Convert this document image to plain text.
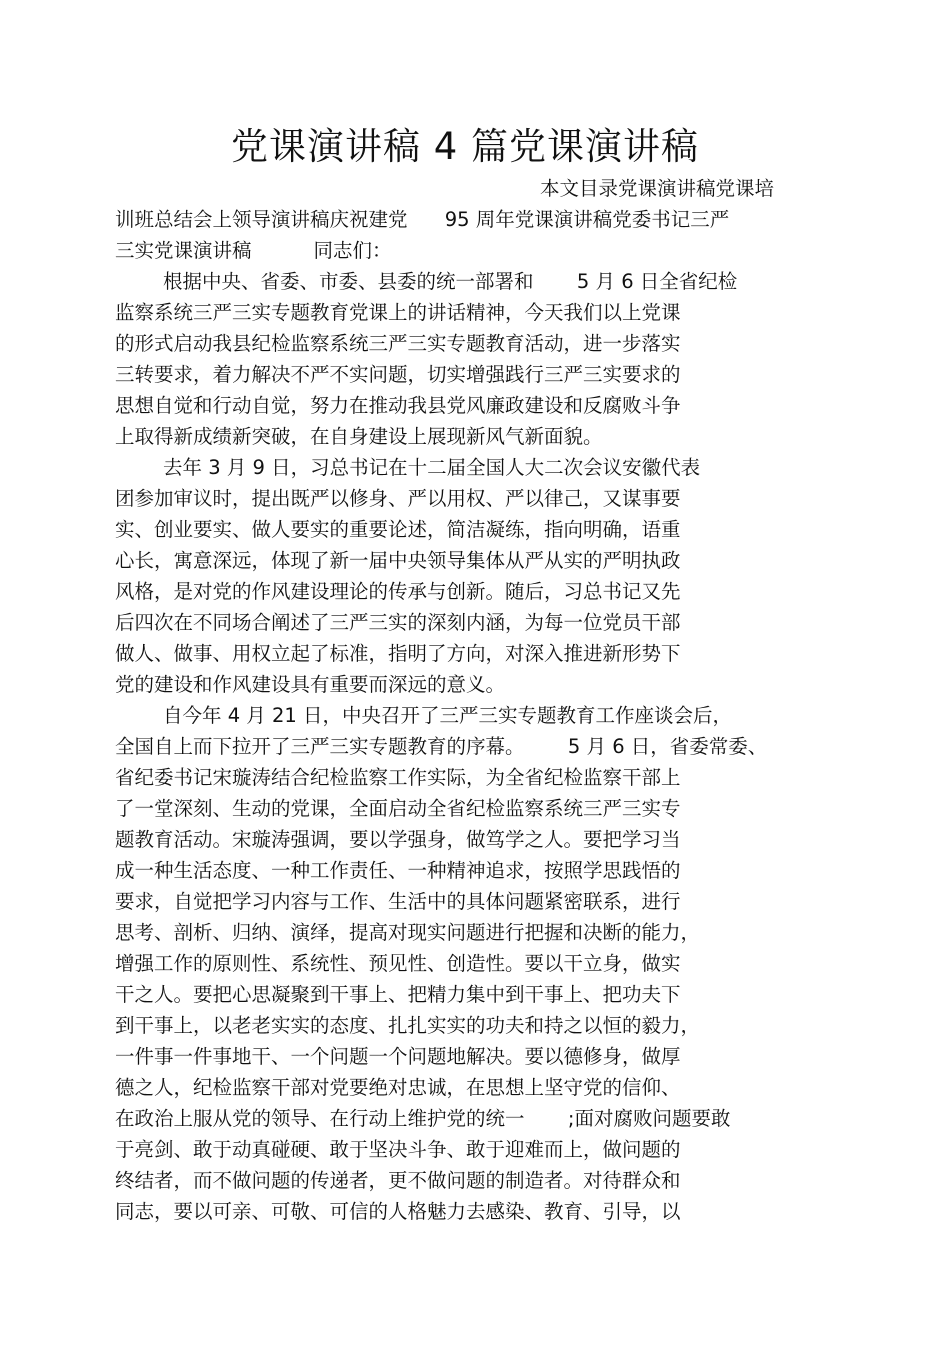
党课演讲稿 4 篇党课演讲稿
本文目录党课演讲稿党课培
训班总结会上领导演讲稿庆祝建党      95 周年党课演讲稿党委书记三严
三实党课演讲稿          同志们：
根据中央、省委、市委、县委的统一部署和       5 月 6 日全省纪检
监察系统三严三实专题教育党课上的讲话精神，今天我们以上党课
的形式启动我县纪检监察系统三严三实专题教育活动，进一步落实
三转要求，着力解决不严不实问题，切实增强践行三严三实要求的
思想自觉和行动自觉，努力在推动我县党风廉政建设和反腐败斗争
上取得新成绩新突破，在自身建设上展现新风气新面貌。
去年 3 月 9 日，习总书记在十二届全国人大二次会议安徽代表
团参加审议时，提出既严以修身、严以用权、严以律己，又谋事要
实、创业要实、做人要实的重要论述，简洁凝练，指向明确，语重
心长，寓意深远，体现了新一届中央领导集体从严从实的严明执政
风格，是对党的作风建设理论的传承与创新。随后，习总书记又先
后四次在不同场合阐述了三严三实的深刻内涵，为每一位党员干部
做人、做事、用权立起了标准，指明了方向，对深入推进新形势下
党的建设和作风建设具有重要而深远的意义。
自今年 4 月 21 日，中央召开了三严三实专题教育工作座谈会后，
全国自上而下拉开了三严三实专题教育的序幕。       5 月 6 日，省委常委、
省纪委书记宋璇涛结合纪检监察工作实际，为全省纪检监察干部上
了一堂深刻、生动的党课，全面启动全省纪检监察系统三严三实专
题教育活动。宋璇涛强调，要以学强身，做笃学之人。要把学习当
成一种生活态度、一种工作责任、一种精神追求，按照学思践悟的
要求，自觉把学习内容与工作、生活中的具体问题紧密联系，进行
思考、剖析、归纳、演绎，提高对现实问题进行把握和决断的能力，
增强工作的原则性、系统性、预见性、创造性。要以干立身，做实
干之人。要把心思凝聚到干事上、把精力集中到干事上、把功夫下
到干事上，以老老实实的态度、扎扎实实的功夫和持之以恒的毅力，
一件事一件事地干、一个问题一个问题地解决。要以德修身，做厚
德之人，纪检监察干部对党要绝对忠诚，在思想上坚守党的信仰、
在政治上服从党的领导、在行动上维护党的统一       ;面对腐败问题要敢
于亮剑、敢于动真碰硬、敢于坚决斗争、敢于迎难而上，做问题的
终结者，而不做问题的传递者，更不做问题的制造者。对待群众和
同志，要以可亲、可敬、可信的人格魅力去感染、教育、引导，以
